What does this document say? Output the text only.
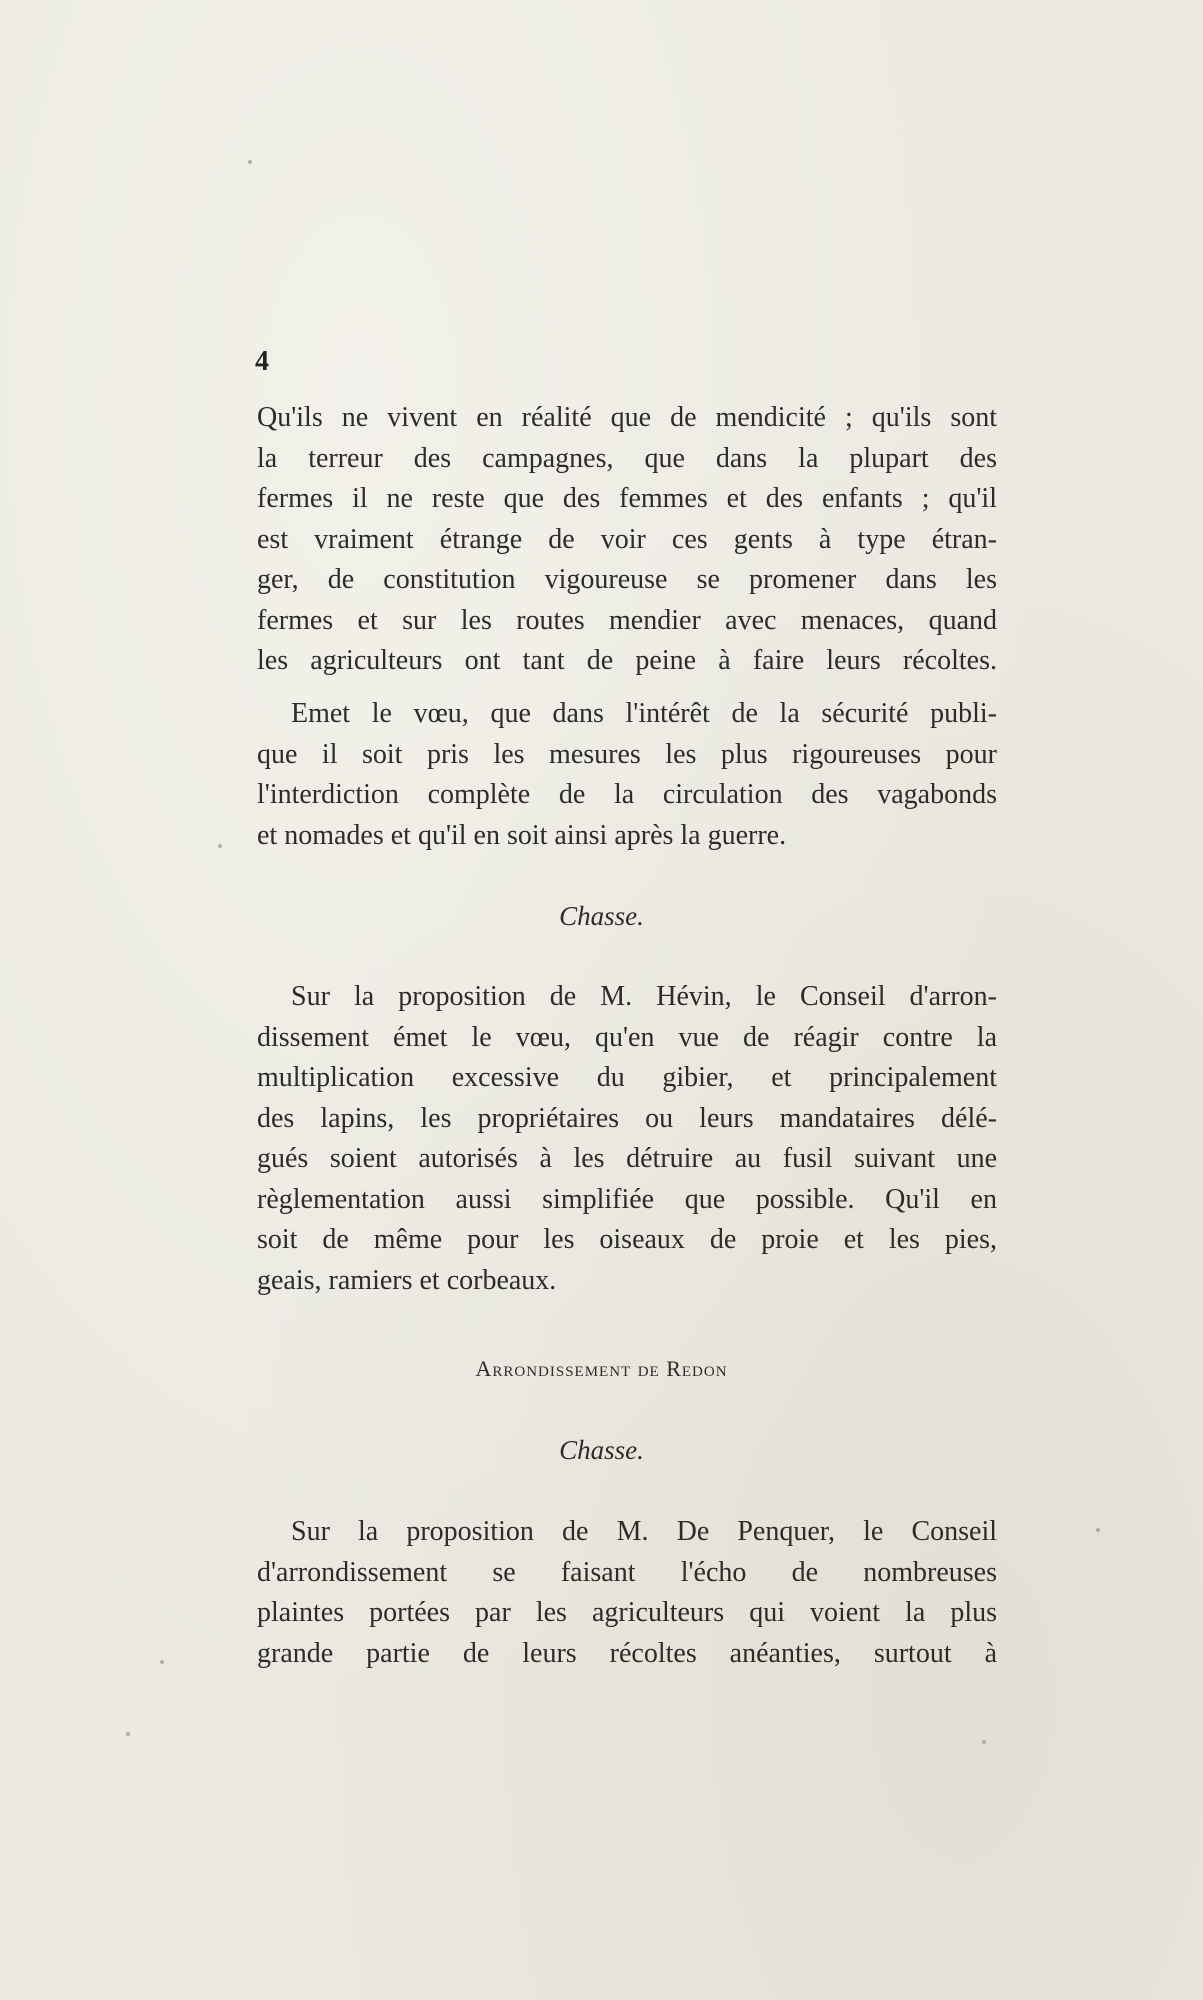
4
Qu'ils ne vivent en réalité que de mendicité ; qu'ils sont
la terreur des campagnes, que dans la plupart des
fermes il ne reste que des femmes et des enfants ; qu'il
est vraiment étrange de voir ces gents à type étran-
ger, de constitution vigoureuse se promener dans les
fermes et sur les routes mendier avec menaces, quand
les agriculteurs ont tant de peine à faire leurs récoltes.
Emet le vœu, que dans l'intérêt de la sécurité publi-
que il soit pris les mesures les plus rigoureuses pour
l'interdiction complète de la circulation des vagabonds
et nomades et qu'il en soit ainsi après la guerre.
Chasse.
Sur la proposition de M. Hévin, le Conseil d'arron-
dissement émet le vœu, qu'en vue de réagir contre la
multiplication excessive du gibier, et principalement
des lapins, les propriétaires ou leurs mandataires délé-
gués soient autorisés à les détruire au fusil suivant une
règlementation aussi simplifiée que possible. Qu'il en
soit de même pour les oiseaux de proie et les pies,
geais, ramiers et corbeaux.
Arrondissement de Redon
Chasse.
Sur la proposition de M. De Penquer, le Conseil
d'arrondissement se faisant l'écho de nombreuses
plaintes portées par les agriculteurs qui voient la plus
grande partie de leurs récoltes anéanties, surtout à
